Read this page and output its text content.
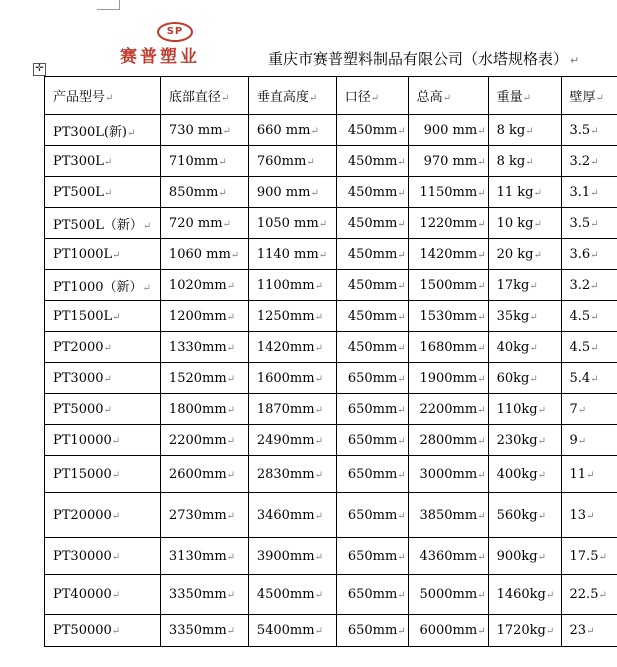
SP
赛普塑业	重庆市赛普塑料制品有限公司（水塔规格表） ↵
✛
产品型号↵	底部直径↵	垂直高度↵	口径↵	总高↵	重量↵	壁厚↵
PT300L(新)↵	730 mm↵	660 mm↵	450mm↵	900 mm↵	8 kg↵	3.5↵
PT300L↵	710mm↵	760mm↵	450mm↵	970 mm↵	8 kg↵	3.2↵
PT500L↵	850mm↵	900 mm↵	450mm↵	1150mm↵	11 kg↵	3.1↵
PT500L（新）↵	720 mm↵	1050 mm↵	450mm↵	1220mm↵	10 kg↵	3.5↵
PT1000L↵	1060 mm↵	1140 mm↵	450mm↵	1420mm↵	20 kg↵	3.6↵
PT1000（新）↵	1020mm↵	1100mm↵	450mm↵	1500mm↵	17kg↵	3.2↵
PT1500L↵	1200mm↵	1250mm↵	450mm↵	1530mm↵	35kg↵	4.5↵
PT2000↵	1330mm↵	1420mm↵	450mm↵	1680mm↵	40kg↵	4.5↵
PT3000↵	1520mm↵	1600mm↵	650mm↵	1900mm↵	60kg↵	5.4↵
PT5000↵	1800mm↵	1870mm↵	650mm↵	2200mm↵	110kg↵	7↵
PT10000↵	2200mm↵	2490mm↵	650mm↵	2800mm↵	230kg↵	9↵
PT15000↵	2600mm↵	2830mm↵	650mm↵	3000mm↵	400kg↵	11↵
PT20000↵	2730mm↵	3460mm↵	650mm↵	3850mm↵	560kg↵	13↵
PT30000↵	3130mm↵	3900mm↵	650mm↵	4360mm↵	900kg↵	17.5↵
PT40000↵	3350mm↵	4500mm↵	650mm↵	5000mm↵	1460kg↵	22.5↵
PT50000↵	3350mm↵	5400mm↵	650mm↵	6000mm↵	1720kg↵	23↵
